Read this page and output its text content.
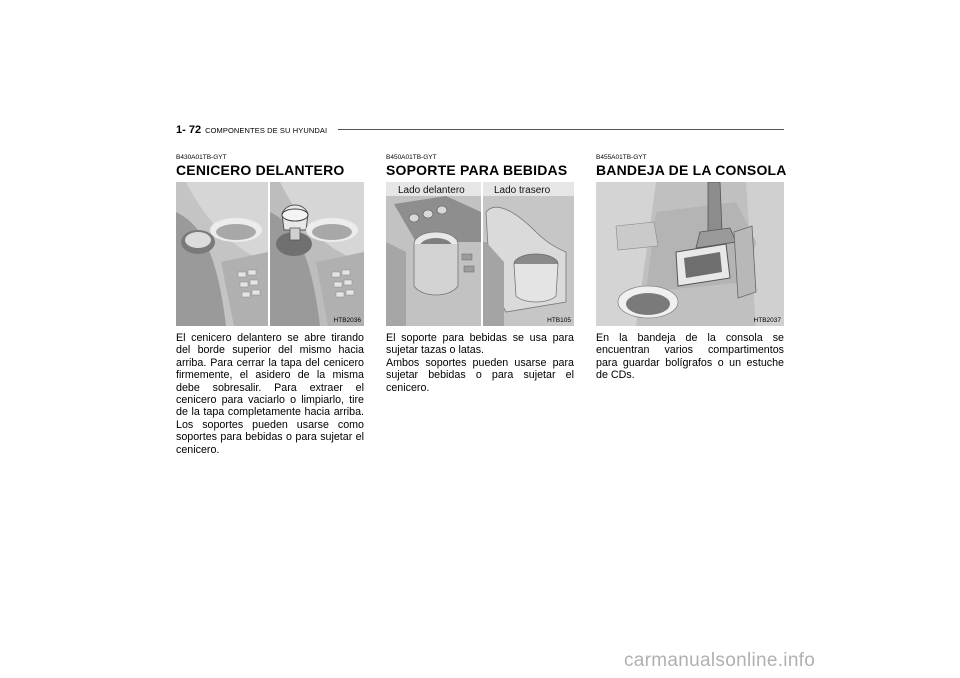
1- 72 COMPONENTES DE SU HYUNDAI
B430A01TB-GYT
CENICERO DELANTERO
HTB2036

El cenicero delantero se abre tirando del borde superior del mismo hacia arriba. Para cerrar la tapa del cenicero firmemente, el asidero de la misma debe sobresalir. Para extraer el cenicero para vaciarlo o limpiarlo, tire de la tapa completamente hacia arriba. Los soportes pueden usarse como soportes para bebidas o para sujetar el cenicero.

B450A01TB-GYT
SOPORTE PARA BEBIDAS
Lado delantero	Lado trasero
HTB105

El soporte para bebidas se usa para sujetar tazas o latas.

Ambos soportes pueden usarse para sujetar bebidas o para sujetar el cenicero.

B455A01TB-GYT
BANDEJA DE LA CONSOLA
HTB2037

En la bandeja de la consola se encuentran varios compartimentos para guardar bolígrafos o un estuche de CDs.

carmanualsonline.info
